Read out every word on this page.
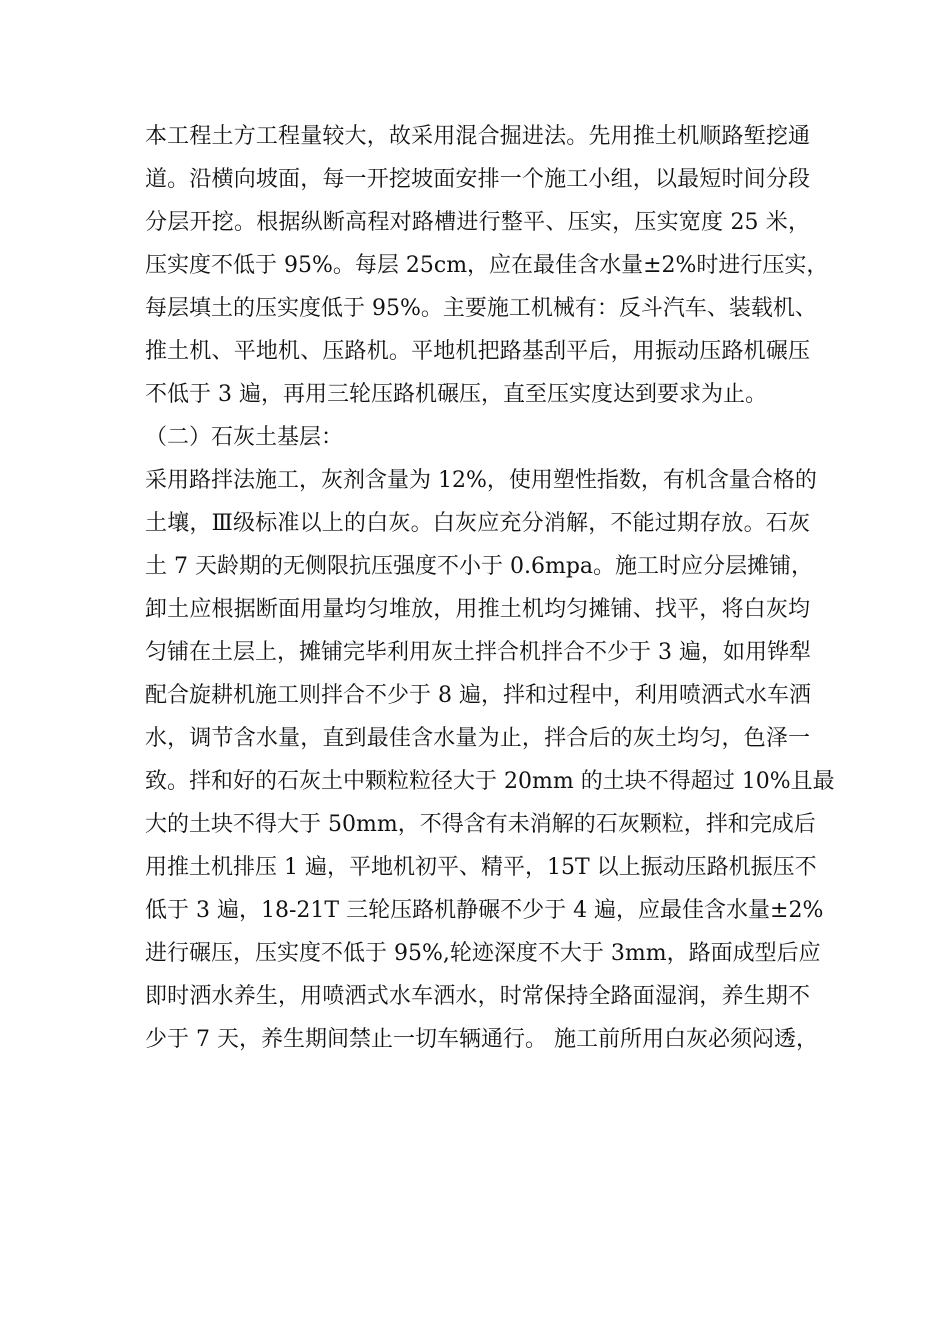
本工程土方工程量较大，故采用混合掘进法。先用推土机顺路堑挖通
道。沿横向坡面，每一开挖坡面安排一个施工小组，以最短时间分段
分层开挖。根据纵断高程对路槽进行整平、压实，压实宽度 25 米，
压实度不低于 95%。每层 25cm，应在最佳含水量±2%时进行压实，
每层填土的压实度低于 95%。主要施工机械有：反斗汽车、装载机、
推土机、平地机、压路机。平地机把路基刮平后，用振动压路机碾压
不低于 3 遍，再用三轮压路机碾压，直至压实度达到要求为止。
（二）石灰土基层：
采用路拌法施工，灰剂含量为 12%，使用塑性指数，有机含量合格的
土壤，Ⅲ级标准以上的白灰。白灰应充分消解，不能过期存放。石灰
土 7 天龄期的无侧限抗压强度不小于 0.6mpa。施工时应分层摊铺，
卸土应根据断面用量均匀堆放，用推土机均匀摊铺、找平，将白灰均
匀铺在土层上，摊铺完毕利用灰土拌合机拌合不少于 3 遍，如用铧犁
配合旋耕机施工则拌合不少于 8 遍，拌和过程中，利用喷洒式水车洒
水，调节含水量，直到最佳含水量为止，拌合后的灰土均匀，色泽一
致。拌和好的石灰土中颗粒粒径大于 20mm 的土块不得超过 10%且最
大的土块不得大于 50mm，不得含有未消解的石灰颗粒，拌和完成后
用推土机排压 1 遍，平地机初平、精平，15T 以上振动压路机振压不
低于 3 遍，18-21T 三轮压路机静碾不少于 4 遍，应最佳含水量±2%
进行碾压，压实度不低于 95%,轮迹深度不大于 3mm，路面成型后应
即时洒水养生，用喷洒式水车洒水，时常保持全路面湿润，养生期不
少于 7 天，养生期间禁止一切车辆通行。 施工前所用白灰必须闷透，
